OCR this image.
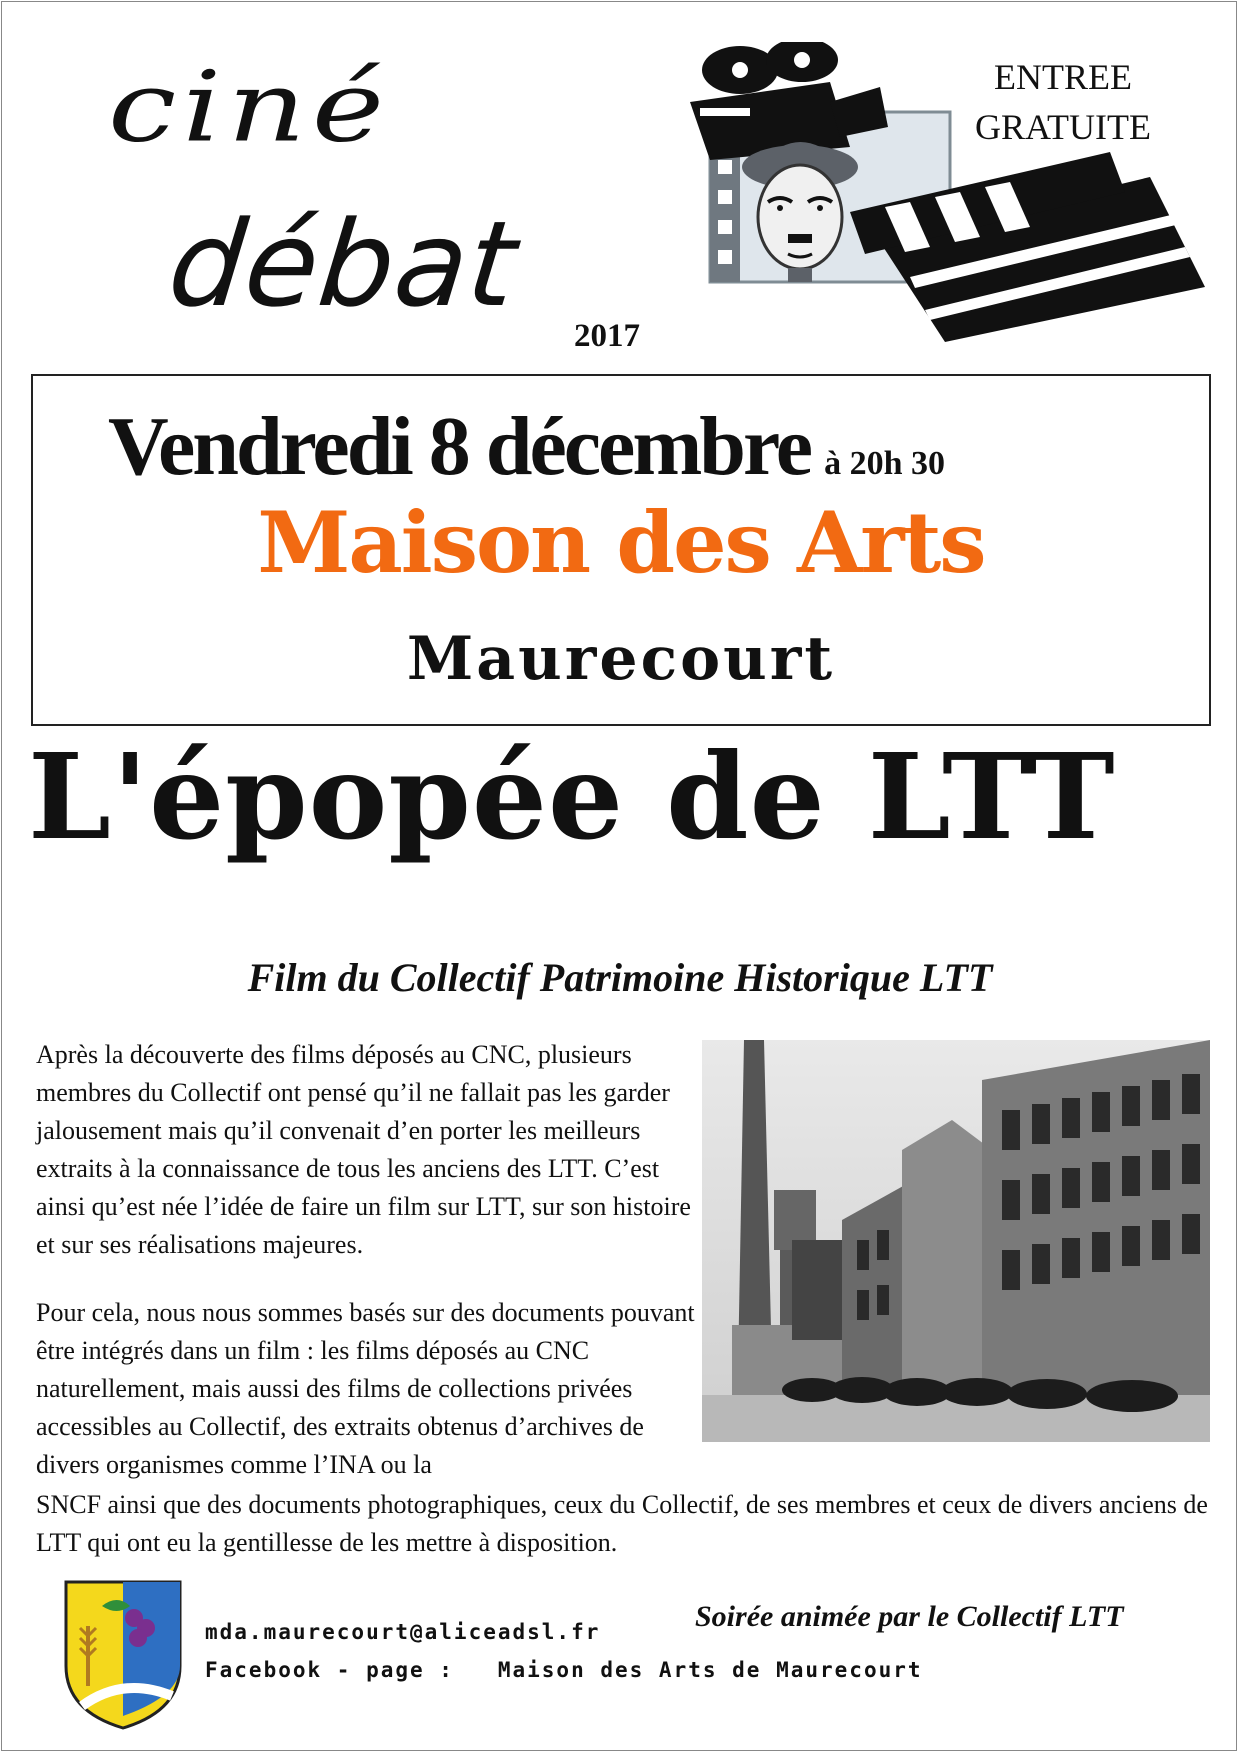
ciné
débat
2017
ENTREE
GRATUITE
Vendredi 8 décembre à 20h 30
Maison des Arts
Maurecourt
L'épopée de LTT
Film du Collectif Patrimoine Historique LTT
Après la découverte des films déposés au CNC, plusieurs membres du Collectif ont pensé qu’il ne fallait pas les garder jalousement mais qu’il convenait d’en porter les meilleurs extraits à la connaissance de tous les anciens des LTT. C’est ainsi qu’est née l’idée de faire un film sur LTT, sur son histoire et sur ses réalisations majeures.
Pour cela, nous nous sommes basés sur des documents pouvant être intégrés dans un film : les films déposés au CNC naturellement, mais aussi des films de collections privées accessibles au Collectif, des extraits obtenus d’archives de divers organismes comme l’INA ou la
SNCF ainsi que des documents photographiques, ceux du Collectif, de ses membres et ceux de divers anciens de LTT qui ont eu la gentillesse de les mettre à disposition.
Soirée animée par le Collectif LTT
mda.maurecourt@aliceadsl.fr
Facebook - page :   Maison des Arts de Maurecourt
